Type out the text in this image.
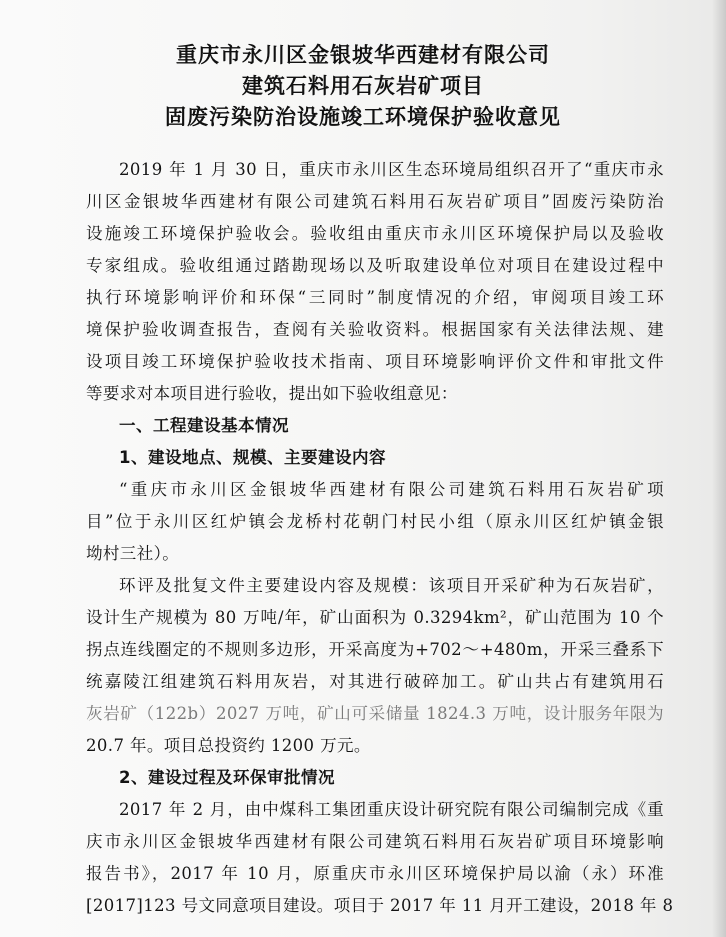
重庆市永川区金银坡华西建材有限公司
建筑石料用石灰岩矿项目
固废污染防治设施竣工环境保护验收意见
2019 年 1 月 30 日，重庆市永川区生态环境局组织召开了“重庆市永
川区金银坡华西建材有限公司建筑石料用石灰岩矿项目”固废污染防治
设施竣工环境保护验收会。验收组由重庆市永川区环境保护局以及验收
专家组成。验收组通过踏勘现场以及听取建设单位对项目在建设过程中
执行环境影响评价和环保“三同时”制度情况的介绍，审阅项目竣工环
境保护验收调查报告，查阅有关验收资料。根据国家有关法律法规、建
设项目竣工环境保护验收技术指南、项目环境影响评价文件和审批文件
等要求对本项目进行验收，提出如下验收组意见：
一、工程建设基本情况
1、建设地点、规模、主要建设内容
“重庆市永川区金银坡华西建材有限公司建筑石料用石灰岩矿项
目”位于永川区红炉镇会龙桥村花朝门村民小组（原永川区红炉镇金银
坳村三社）。
环评及批复文件主要建设内容及规模：该项目开采矿种为石灰岩矿，
设计生产规模为 80 万吨/年，矿山面积为 0.3294km²，矿山范围为 10 个
拐点连线圈定的不规则多边形，开采高度为+702～+480m，开采三叠系下
统嘉陵江组建筑石料用灰岩，对其进行破碎加工。矿山共占有建筑用石
灰岩矿（122b）2027 万吨，矿山可采储量 1824.3 万吨，设计服务年限为
20.7 年。项目总投资约 1200 万元。
2、建设过程及环保审批情况
2017 年 2 月，由中煤科工集团重庆设计研究院有限公司编制完成《重
庆市永川区金银坡华西建材有限公司建筑石料用石灰岩矿项目环境影响
报告书》，2017 年 10 月，原重庆市永川区环境保护局以渝（永）环准
[2017]123 号文同意项目建设。项目于 2017 年 11 月开工建设，2018 年 8
